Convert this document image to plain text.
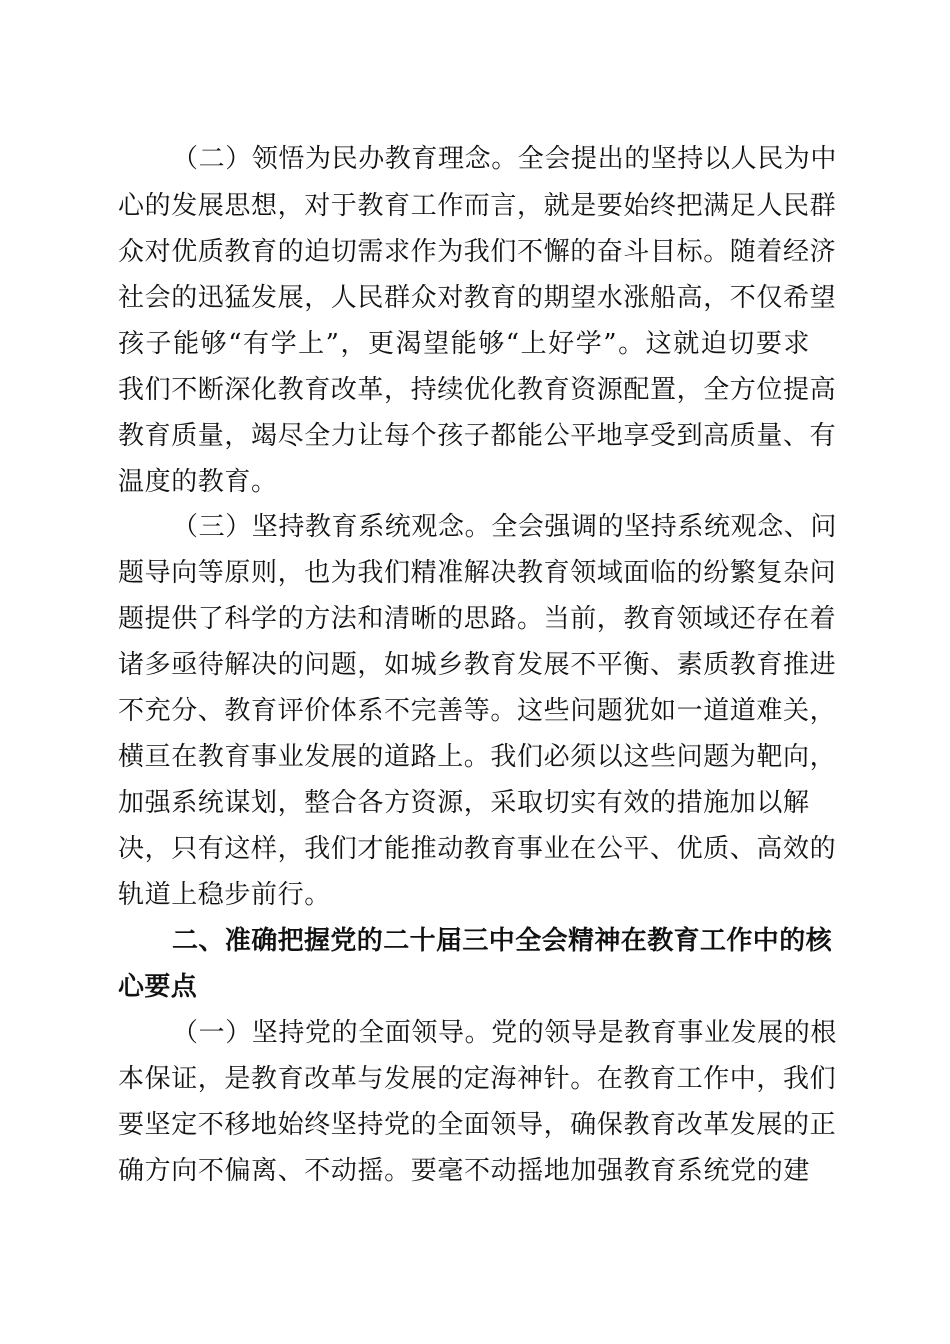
（二）领悟为民办教育理念。全会提出的坚持以人民为中
心的发展思想，对于教育工作而言，就是要始终把满足人民群
众对优质教育的迫切需求作为我们不懈的奋斗目标。随着经济
社会的迅猛发展，人民群众对教育的期望水涨船高，不仅希望
孩子能够“有学上”，更渴望能够“上好学”。这就迫切要求
我们不断深化教育改革，持续优化教育资源配置，全方位提高
教育质量，竭尽全力让每个孩子都能公平地享受到高质量、有
温度的教育。
（三）坚持教育系统观念。全会强调的坚持系统观念、问
题导向等原则，也为我们精准解决教育领域面临的纷繁复杂问
题提供了科学的方法和清晰的思路。当前，教育领域还存在着
诸多亟待解决的问题，如城乡教育发展不平衡、素质教育推进
不充分、教育评价体系不完善等。这些问题犹如一道道难关，
横亘在教育事业发展的道路上。我们必须以这些问题为靶向，
加强系统谋划，整合各方资源，采取切实有效的措施加以解
决，只有这样，我们才能推动教育事业在公平、优质、高效的
轨道上稳步前行。
二、准确把握党的二十届三中全会精神在教育工作中的核
心要点
（一）坚持党的全面领导。党的领导是教育事业发展的根
本保证，是教育改革与发展的定海神针。在教育工作中，我们
要坚定不移地始终坚持党的全面领导，确保教育改革发展的正
确方向不偏离、不动摇。要毫不动摇地加强教育系统党的建
